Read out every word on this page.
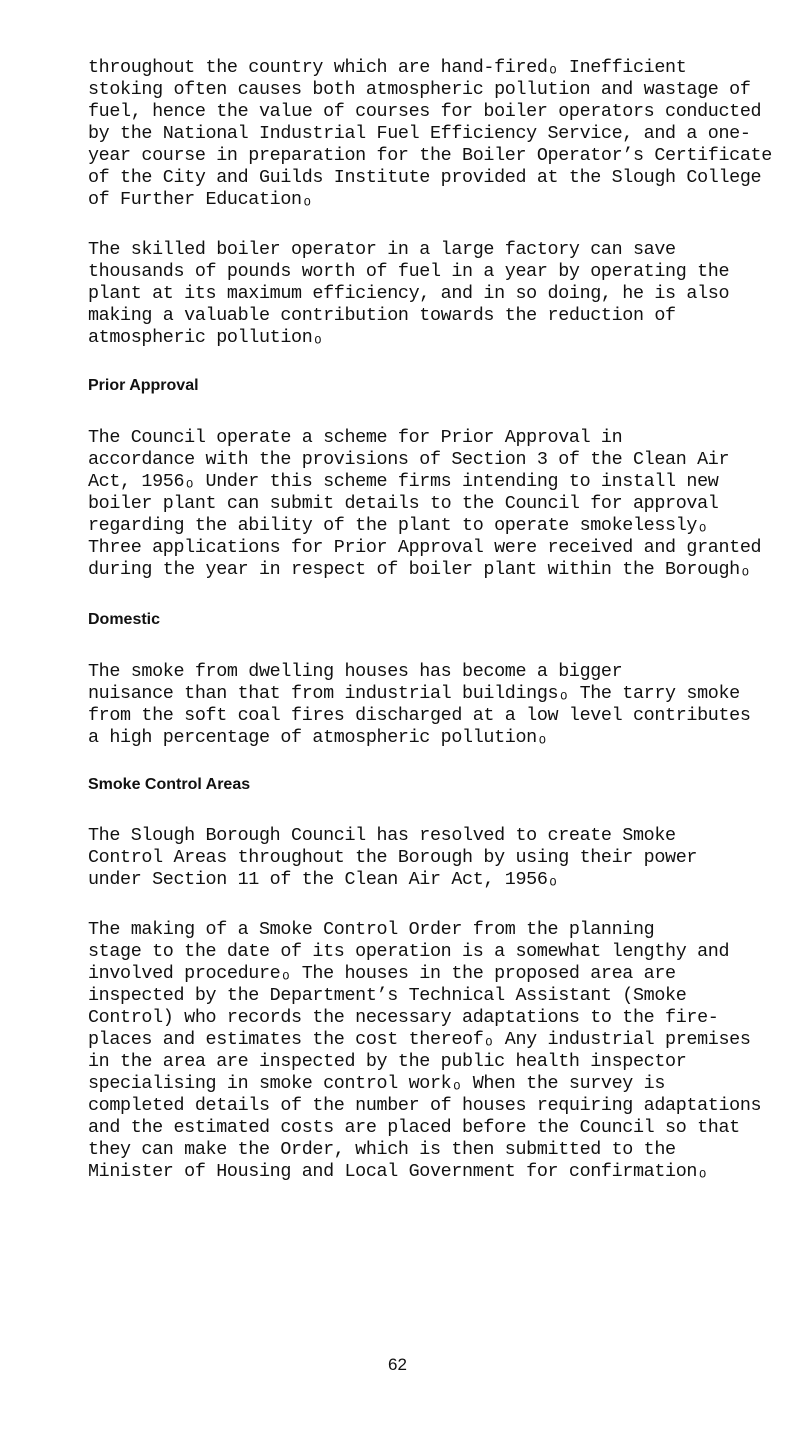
throughout the country which are hand-firedₒ Inefficient
stoking often causes both atmospheric pollution and wastage of
fuel, hence the value of courses for boiler operators conducted
by the National Industrial Fuel Efficiency Service, and a one-
year course in preparation for the Boiler Operator’s Certificate
of the City and Guilds Institute provided at the Slough College
of Further Educationₒ
The skilled boiler operator in a large factory can save
thousands of pounds worth of fuel in a year by operating the
plant at its maximum efficiency, and in so doing, he is also
making a valuable contribution towards the reduction of
atmospheric pollutionₒ
Prior Approval
The Council operate a scheme for Prior Approval in
accordance with the provisions of Section 3 of the Clean Air
Act, 1956ₒ Under this scheme firms intending to install new
boiler plant can submit details to the Council for approval
regarding the ability of the plant to operate smokelesslyₒ
Three applications for Prior Approval were received and granted
during the year in respect of boiler plant within the Boroughₒ
Domestic
The smoke from dwelling houses has become a bigger
nuisance than that from industrial buildingsₒ The tarry smoke
from the soft coal fires discharged at a low level contributes
a high percentage of atmospheric pollutionₒ
Smoke Control Areas
The Slough Borough Council has resolved to create Smoke
Control Areas throughout the Borough by using their power
under Section 11 of the Clean Air Act, 1956ₒ
The making of a Smoke Control Order from the planning
stage to the date of its operation is a somewhat lengthy and
involved procedureₒ The houses in the proposed area are
inspected by the Department’s Technical Assistant (Smoke
Control) who records the necessary adaptations to the fire-
places and estimates the cost thereofₒ Any industrial premises
in the area are inspected by the public health inspector
specialising in smoke control workₒ When the survey is
completed details of the number of houses requiring adaptations
and the estimated costs are placed before the Council so that
they can make the Order, which is then submitted to the
Minister of Housing and Local Government for confirmationₒ
62
